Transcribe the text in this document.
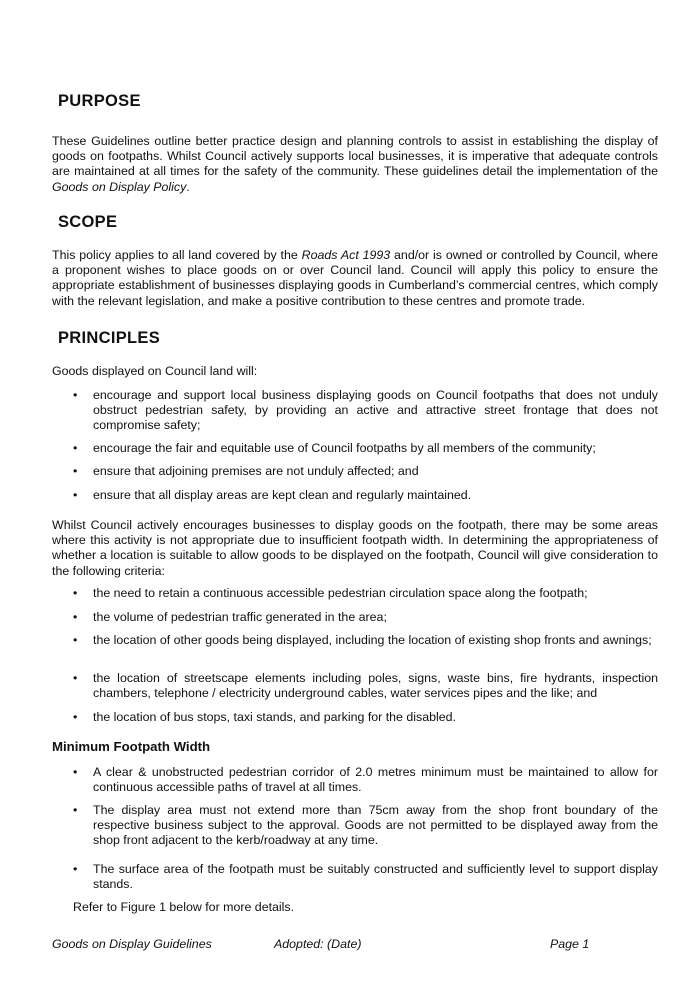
PURPOSE

These Guidelines outline better practice design and planning controls to assist in establishing the display of goods on footpaths. Whilst Council actively supports local businesses, it is imperative that adequate controls are maintained at all times for the safety of the community. These guidelines detail the implementation of the Goods on Display Policy.

SCOPE

This policy applies to all land covered by the Roads Act 1993 and/or is owned or controlled by Council, where a proponent wishes to place goods on or over Council land. Council will apply this policy to ensure the appropriate establishment of businesses displaying goods in Cumberland’s commercial centres, which comply with the relevant legislation, and make a positive contribution to these centres and promote trade.

PRINCIPLES

Goods displayed on Council land will:

• encourage and support local business displaying goods on Council footpaths that does not unduly obstruct pedestrian safety, by providing an active and attractive street frontage that does not compromise safety;
• encourage the fair and equitable use of Council footpaths by all members of the community;
• ensure that adjoining premises are not unduly affected; and
• ensure that all display areas are kept clean and regularly maintained.

Whilst Council actively encourages businesses to display goods on the footpath, there may be some areas where this activity is not appropriate due to insufficient footpath width. In determining the appropriateness of whether a location is suitable to allow goods to be displayed on the footpath, Council will give consideration to the following criteria:

• the need to retain a continuous accessible pedestrian circulation space along the footpath;
• the volume of pedestrian traffic generated in the area;
• the location of other goods being displayed, including the location of existing shop fronts and awnings;
• the location of streetscape elements including poles, signs, waste bins, fire hydrants, inspection chambers, telephone / electricity underground cables, water services pipes and the like; and
• the location of bus stops, taxi stands, and parking for the disabled.
Minimum Footpath Width
• A clear & unobstructed pedestrian corridor of 2.0 metres minimum must be maintained to allow for continuous accessible paths of travel at all times.
• The display area must not extend more than 75cm away from the shop front boundary of the respective business subject to the approval. Goods are not permitted to be displayed away from the shop front adjacent to the kerb/roadway at any time.
• The surface area of the footpath must be suitably constructed and sufficiently level to support display stands.

Refer to Figure 1 below for more details.

Goods on Display Guidelines	Adopted: (Date)	Page 1
